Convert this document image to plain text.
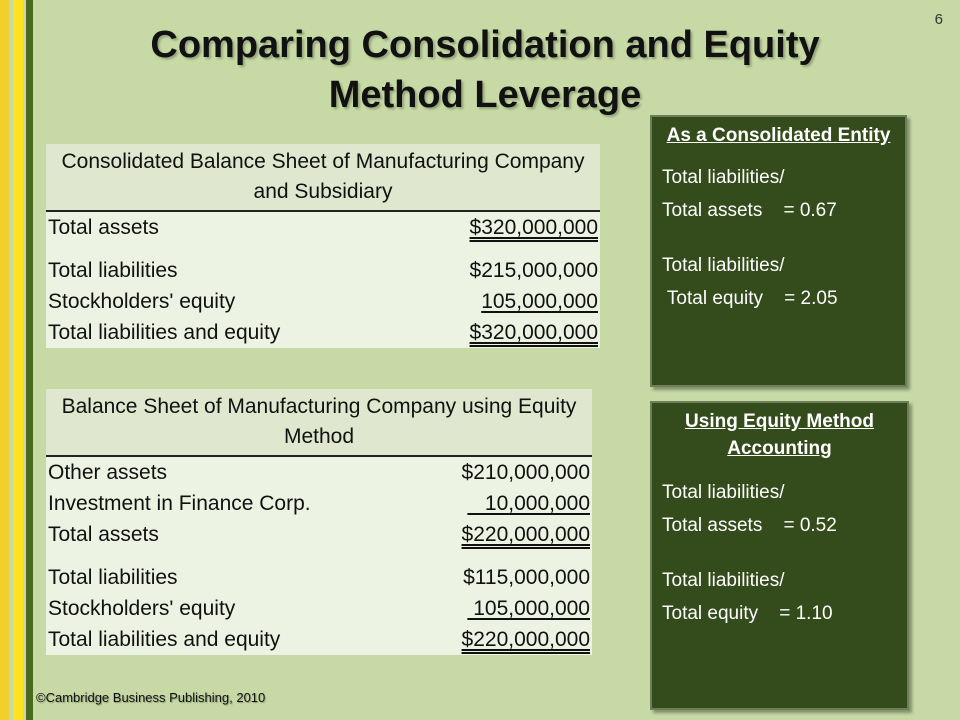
6
Comparing Consolidation and Equity
Method Leverage
Consolidated Balance Sheet of Manufacturing Company and Subsidiary
Total assets	$320,000,000
Total liabilities	$215,000,000
Stockholders' equity	105,000,000
Total liabilities and equity	$320,000,000
Balance Sheet of Manufacturing Company using Equity Method
Other assets	$210,000,000
Investment in Finance Corp.	10,000,000
Total assets	$220,000,000
Total liabilities	$115,000,000
Stockholders' equity	105,000,000
Total liabilities and equity	$220,000,000
As a Consolidated Entity
Total liabilities/
Total assets    = 0.67
Total liabilities/
Total equity    = 2.05
Using Equity Method Accounting
Total liabilities/
Total assets    = 0.52
Total liabilities/
Total equity    = 1.10
©Cambridge Business Publishing, 2010
